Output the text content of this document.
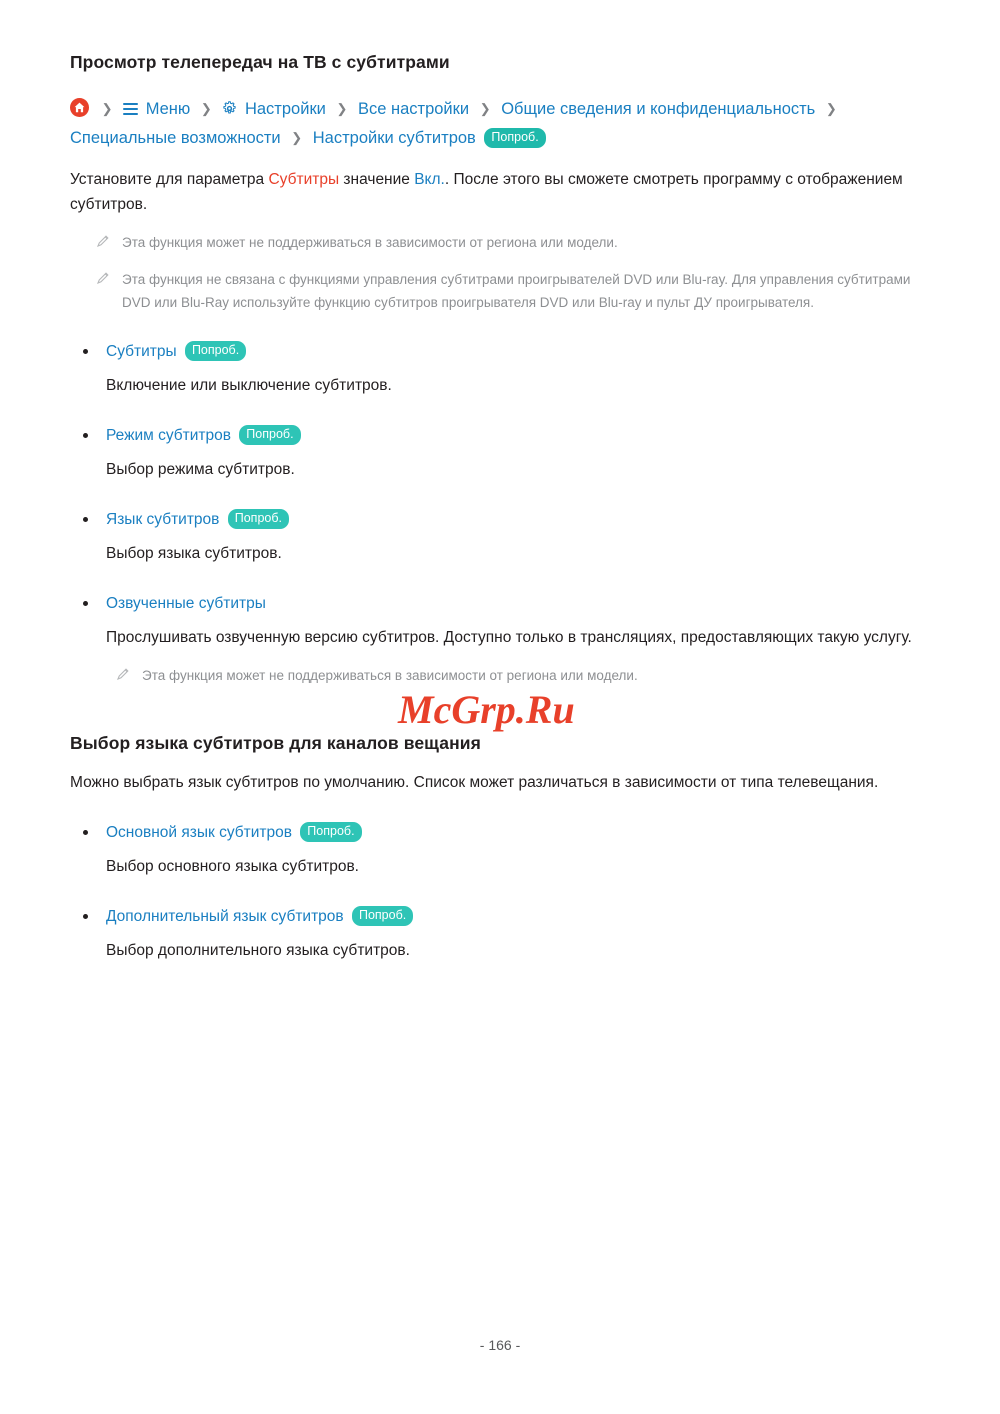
Просмотр телепередач на ТВ с субтитрами
❯ Меню ❯ Настройки ❯ Все настройки ❯ Общие сведения и конфиденциальность ❯
Специальные возможности ❯ Настройки субтитров Попроб.

Установите для параметра Субтитры значение Вкл.. После этого вы сможете смотреть программу с отображением субтитров.

Эта функция может не поддерживаться в зависимости от региона или модели.
Эта функция не связана с функциями управления субтитрами проигрывателей DVD или Blu-ray. Для управления субтитрами DVD или Blu-Ray используйте функцию субтитров проигрывателя DVD или Blu-ray и пульт ДУ проигрывателя.
Субтитры Попроб.
Включение или выключение субтитров.
Режим субтитров Попроб.
Выбор режима субтитров.
Язык субтитров Попроб.
Выбор языка субтитров.
Озвученные субтитры
Прослушивать озвученную версию субтитров. Доступно только в трансляциях, предоставляющих такую услугу.
Эта функция может не поддерживаться в зависимости от региона или модели.
Выбор языка субтитров для каналов вещания

Можно выбрать язык субтитров по умолчанию. Список может различаться в зависимости от типа телевещания.

Основной язык субтитров Попроб.
Выбор основного языка субтитров.
Дополнительный язык субтитров Попроб.
Выбор дополнительного языка субтитров.
McGrp.Ru
- 166 -
